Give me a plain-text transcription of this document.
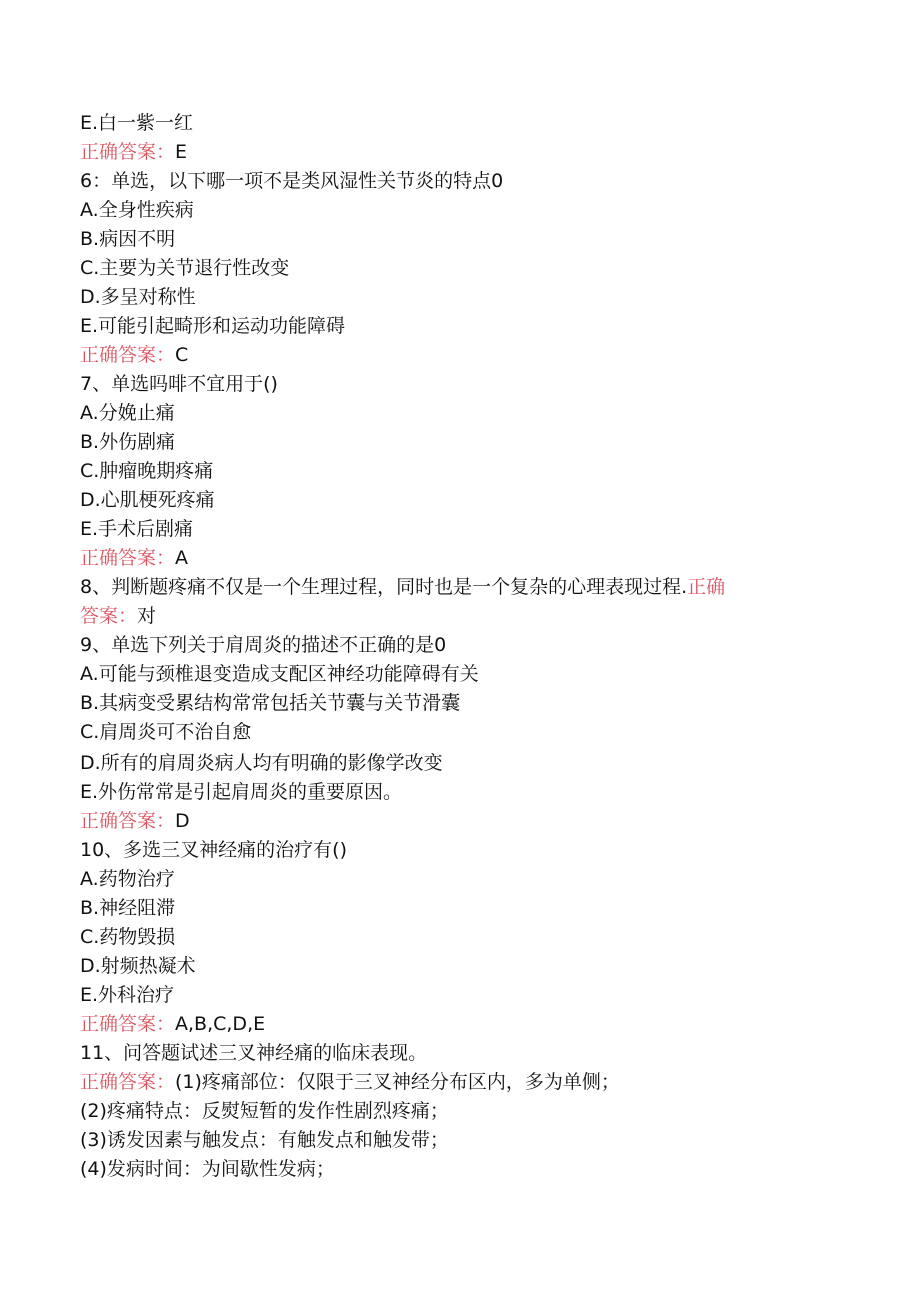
E.白一紫一红
正确答案：E
6：单选，以下哪一项不是类风湿性关节炎的特点0
A.全身性疾病
B.病因不明
C.主要为关节退行性改变
D.多呈对称性
E.可能引起畸形和运动功能障碍
正确答案：C
7、单选吗啡不宜用于()
A.分娩止痛
B.外伤剧痛
C.肿瘤晚期疼痛
D.心肌梗死疼痛
E.手术后剧痛
正确答案：A
8、判断题疼痛不仅是一个生理过程，同时也是一个复杂的心理表现过程.正确
答案：对
9、单选下列关于肩周炎的描述不正确的是0
A.可能与颈椎退变造成支配区神经功能障碍有关
B.其病变受累结构常常包括关节囊与关节滑囊
C.肩周炎可不治自愈
D.所有的肩周炎病人均有明确的影像学改变
E.外伤常常是引起肩周炎的重要原因。
正确答案：D
10、多选三叉神经痛的治疗有()
A.药物治疗
B.神经阻滞
C.药物毁损
D.射频热凝术
E.外科治疗
正确答案：A,B,C,D,E
11、问答题试述三叉神经痛的临床表现。
正确答案：(1)疼痛部位：仅限于三叉神经分布区内，多为单侧；
(2)疼痛特点：反熨短暂的发作性剧烈疼痛；
(3)诱发因素与触发点：有触发点和触发带；
(4)发病时间：为间歇性发病；
